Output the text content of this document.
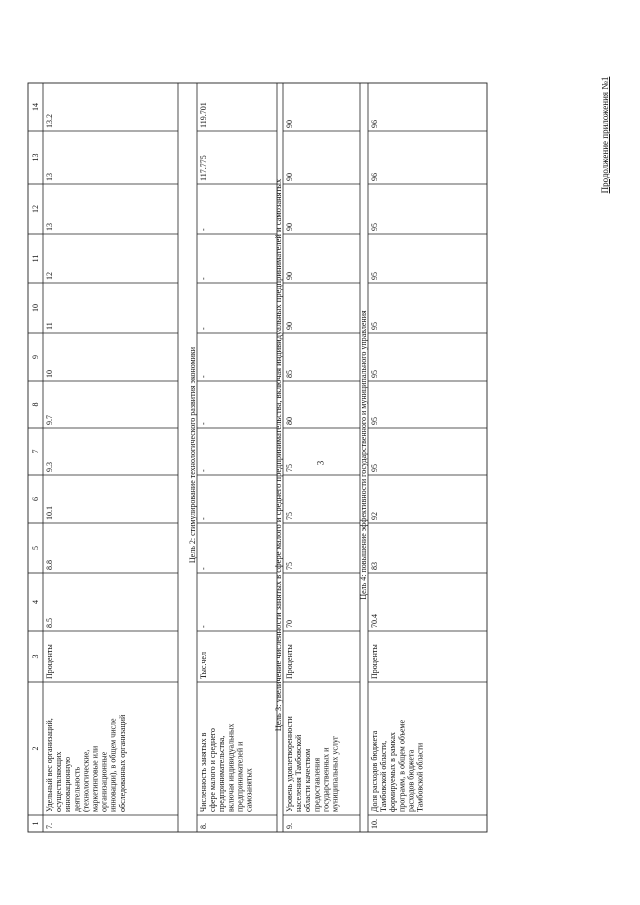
3
Продолжение приложения №1
1
2
3
4
5
6
7
8
9
10
11
12
13
14
Цель 2: стимулирование технологического развития экономики	Цель 3: увеличение численности занятых в сфере малого и среднего предпринимательства, включая индивидуальных предпринимателей и самозанятых	Цель 4: повышение эффективности государственного и муниципального управления
7.
Удельный вес организаций, осуществляющих инновационную деятельность (технологические, маркетинговые или организационные инновации), в общем числе обследованных организаций
Проценты
8.5
8.8
10.1
9.3
9.7
10
11
12
13
13
13.2
8.
Численность занятых в сфере малого и среднего предпринимательства, включая индивидуальных предпринимателей и самозанятых
Тыс.чел
-
-
-
-
-
-
-
-
-
117.775
119.701
9.
Уровень удовлетворенности населения Тамбовской области качеством предоставления государственных и муниципальных услуг
Проценты
70
75
75
75
80
85
90
90
90
90
90
10.
Доля расходов бюджета Тамбовской области, формируемых в рамках программ, в общем объеме расходов бюджета Тамбовской области
Проценты
70.4
83
92
95
95
95
95
95
95
96
96
